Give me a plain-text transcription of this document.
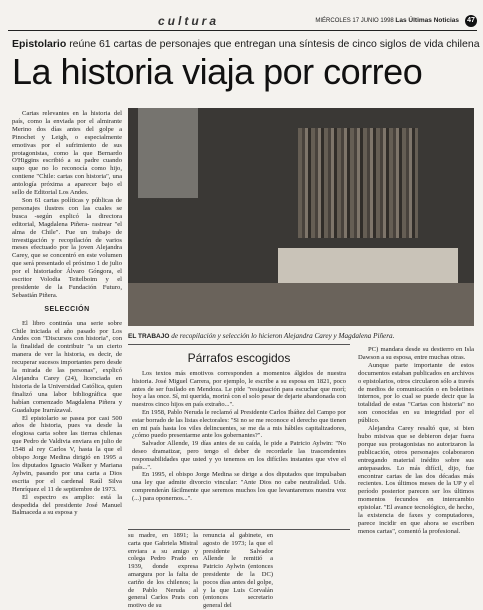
cultura	MIÉRCOLES 17 JUNIO 1998 Las Últimas Noticias 47
Epistolario reúne 61 cartas de personajes que entregan una síntesis de cinco siglos de vida chilena
La historia viaja por correo

Cartas relevantes en la historia del país, como la enviada por el almirante Merino dos días antes del golpe a Pinochet y Leigh, o especialmente emotivas por el sufrimiento de sus protagonistas, como la que Bernardo O'Higgins escribió a su padre cuando supo que no lo reconocía como hijo, contiene "Chile: cartas con historia", una antología próxima a aparecer bajo el sello de Editorial Los Andes.

Son 61 cartas políticas y públicas de personajes ilustres con las cuales se busca -según explicó la directora editorial, Magdalena Piñera- rastrear "el alma de Chile". Fue un trabajo de investigación y recopilación de varios meses efectuado por la joven Alejandra Carey, que se concentró en este volumen que será presentado el próximo 1 de julio por el historiador Álvaro Góngora, el escritor Volodia Teitelboim y el presidente de la Fundación Futuro, Sebastián Piñera.

SELECCIÓN

El libro continúa una serie sobre Chile iniciada el año pasado por Los Andes con "Discursos con historia", con la finalidad de contribuir "a un cierto manera de ver la historia, es decir, de recuperar sucesos importantes pero desde la mirada de las personas", explicó Alejandra Carey (24), licenciada en historia de la Universidad Católica, quien finalizó una labor bibliográfica que habían comenzado Magdalena Piñera y Guadalupe Irarrázaval.

El epistolario se pasea por casi 500 años de historia, pues va desde la elogiosa carta sobre las tierras chilenas que Pedro de Valdivia enviara en julio de 1548 al rey Carlos V, hasta la que el obispo Jorge Medina dirigió en 1995 a los diputados Ignacio Walker y Mariana Aylwin, pasando por una carta a Dios escrita por el cardenal Raúl Silva Henríquez el 11 de septiembre de 1973.

El espectro es amplio: está la despedida del presidente José Manuel Balmaceda a su esposa y

EL TRABAJO de recopilación y selección lo hicieron Alejandra Carey y Magdalena Piñera.
Párrafos escogidos

Los textos más emotivos corresponden a momentos álgidos de nuestra historia. José Miguel Carrera, por ejemplo, le escribe a su esposa en 1821, poco antes de ser fusilado en Mendoza. Le pide "resignación para escuchar que morí; hoy a las once. Sí, mi querida, morirá con el solo pesar de dejarte abandonada con nuestros cinco hijos en país extraño...".

En 1958, Pablo Neruda le reclamó al Presidente Carlos Ibáñez del Campo por estar borrado de las listas electorales: "Si no se me reconoce el derecho que tienen en mi país hasta los viles delincuentes, se me da a mis hábiles capitalizadores, ¿cómo puedo presentarme ante los gobernantes?".

Salvador Allende, 19 días antes de su caída, le pide a Patricio Aylwin: "No deseo dramatizar, pero tengo el deber de recordarle las trascendentes responsabilidades que usted y yo tenemos en los difíciles instantes que vive el país...".

En 1995, el obispo Jorge Medina se dirige a dos diputados que impulsaban una ley que admite divorcio vincular: "Ante Dios no cabe neutralidad. Uds. comprenderán fácilmente que seremos muchos los que levantaremos nuestra voz (...) para oponernos...".

PC) mandara desde su destierro en Isla Dawson a su esposa, entre muchas otras.

Aunque parte importante de estos documentos estaban publicados en archivos o epistolarios, otros circularon sólo a través de medios de comunicación o en boletines internos, por lo cual se puede decir que la totalidad de estas "Cartas con historia" no son conocidas en su integridad por el público.

Alejandra Carey resaltó que, si bien hubo misivas que se debieron dejar fuera porque sus protagonistas no autorizaron la publicación, otros personajes colaboraron entregando material inédito sobre sus antepasados. Lo más difícil, dijo, fue encontrar cartas de las dos décadas más recientes. Los últimos meses de la UP y el período posterior parecen ser los últimos momentos fecundos en intercambio epistolar. "El avance tecnológico, de hecho, la existencia de faxes y computadores, parece incidir en que ahora se escriben menos cartas", comentó la profesional.

su madre, en 1891; la carta que Gabriela Mistral enviara a su amigo y colega Pedro Prado en 1939, donde expresa amargura por la falta de cariño de los chilenos; la de Pablo Neruda al general Carlos Prats con motivo de su

renuncia al gabinete, en agosto de 1973; la que el presidente Salvador Allende le remitió a Patricio Aylwin (entonces presidente de la DC) pocos días antes del golpe, y la que Luis Corvalán (entonces secretario general del
